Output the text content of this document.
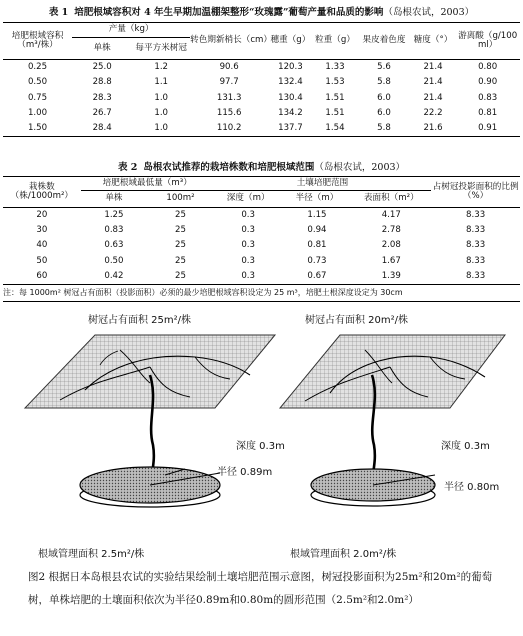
表 1 培肥根域容积对 4 年生早期加温棚架整形“玫瑰露”葡萄产量和品质的影响（岛根农试，2003）
培肥根域容积（m³/株）	产量（kg）		转色期新梢长（cm）	穗重（g）	粒重（g）	果皮着色度	糖度（°）	游离酸（g/100 ml）
	单株	每平方米树冠						
0.25	25.0	1.2	90.6	120.3	1.33	5.6	21.4	0.80
0.50	28.8	1.1	97.7	132.4	1.53	5.8	21.4	0.90
0.75	28.3	1.0	131.3	130.4	1.51	6.0	21.4	0.83
1.00	26.7	1.0	115.6	134.2	1.51	6.0	22.2	0.81
1.50	28.4	1.0	110.2	137.7	1.54	5.8	21.6	0.91
表 2 岛根农试推荐的栽培株数和培肥根域范围（岛根农试，2003）
栽株数（株/1000m²）	培肥根域最低量（m³）		土壤培肥范围			占树冠投影面积的比例（%）
	单株	100m²	深度（m）	半径（m）	表面积（m²）	
20	1.25	25	0.3	1.15	4.17	8.33
30	0.83	25	0.3	0.94	2.78	8.33
40	0.63	25	0.3	0.81	2.08	8.33
50	0.50	25	0.3	0.73	1.67	8.33
60	0.42	25	0.3	0.67	1.39	8.33
注：每 1000m² 树冠占有面积（投影面积）必须的最少培肥根域容积设定为 25 m³，培肥土根深度设定为 30cm
树冠占有面积 25m²/株	树冠占有面积 20m²/株
深度 0.3m	深度 0.3m
半径 0.89m
半径 0.80m
根域管理面积 2.5m²/株	根域管理面积 2.0m²/株
图2 根据日本岛根县农试的实验结果绘制土壤培肥范围示意图，树冠投影面积为25m²和20m²的葡萄树，单株培肥的土壤面积依次为半径0.89m和0.80m的圆形范围（2.5m²和2.0m²）
